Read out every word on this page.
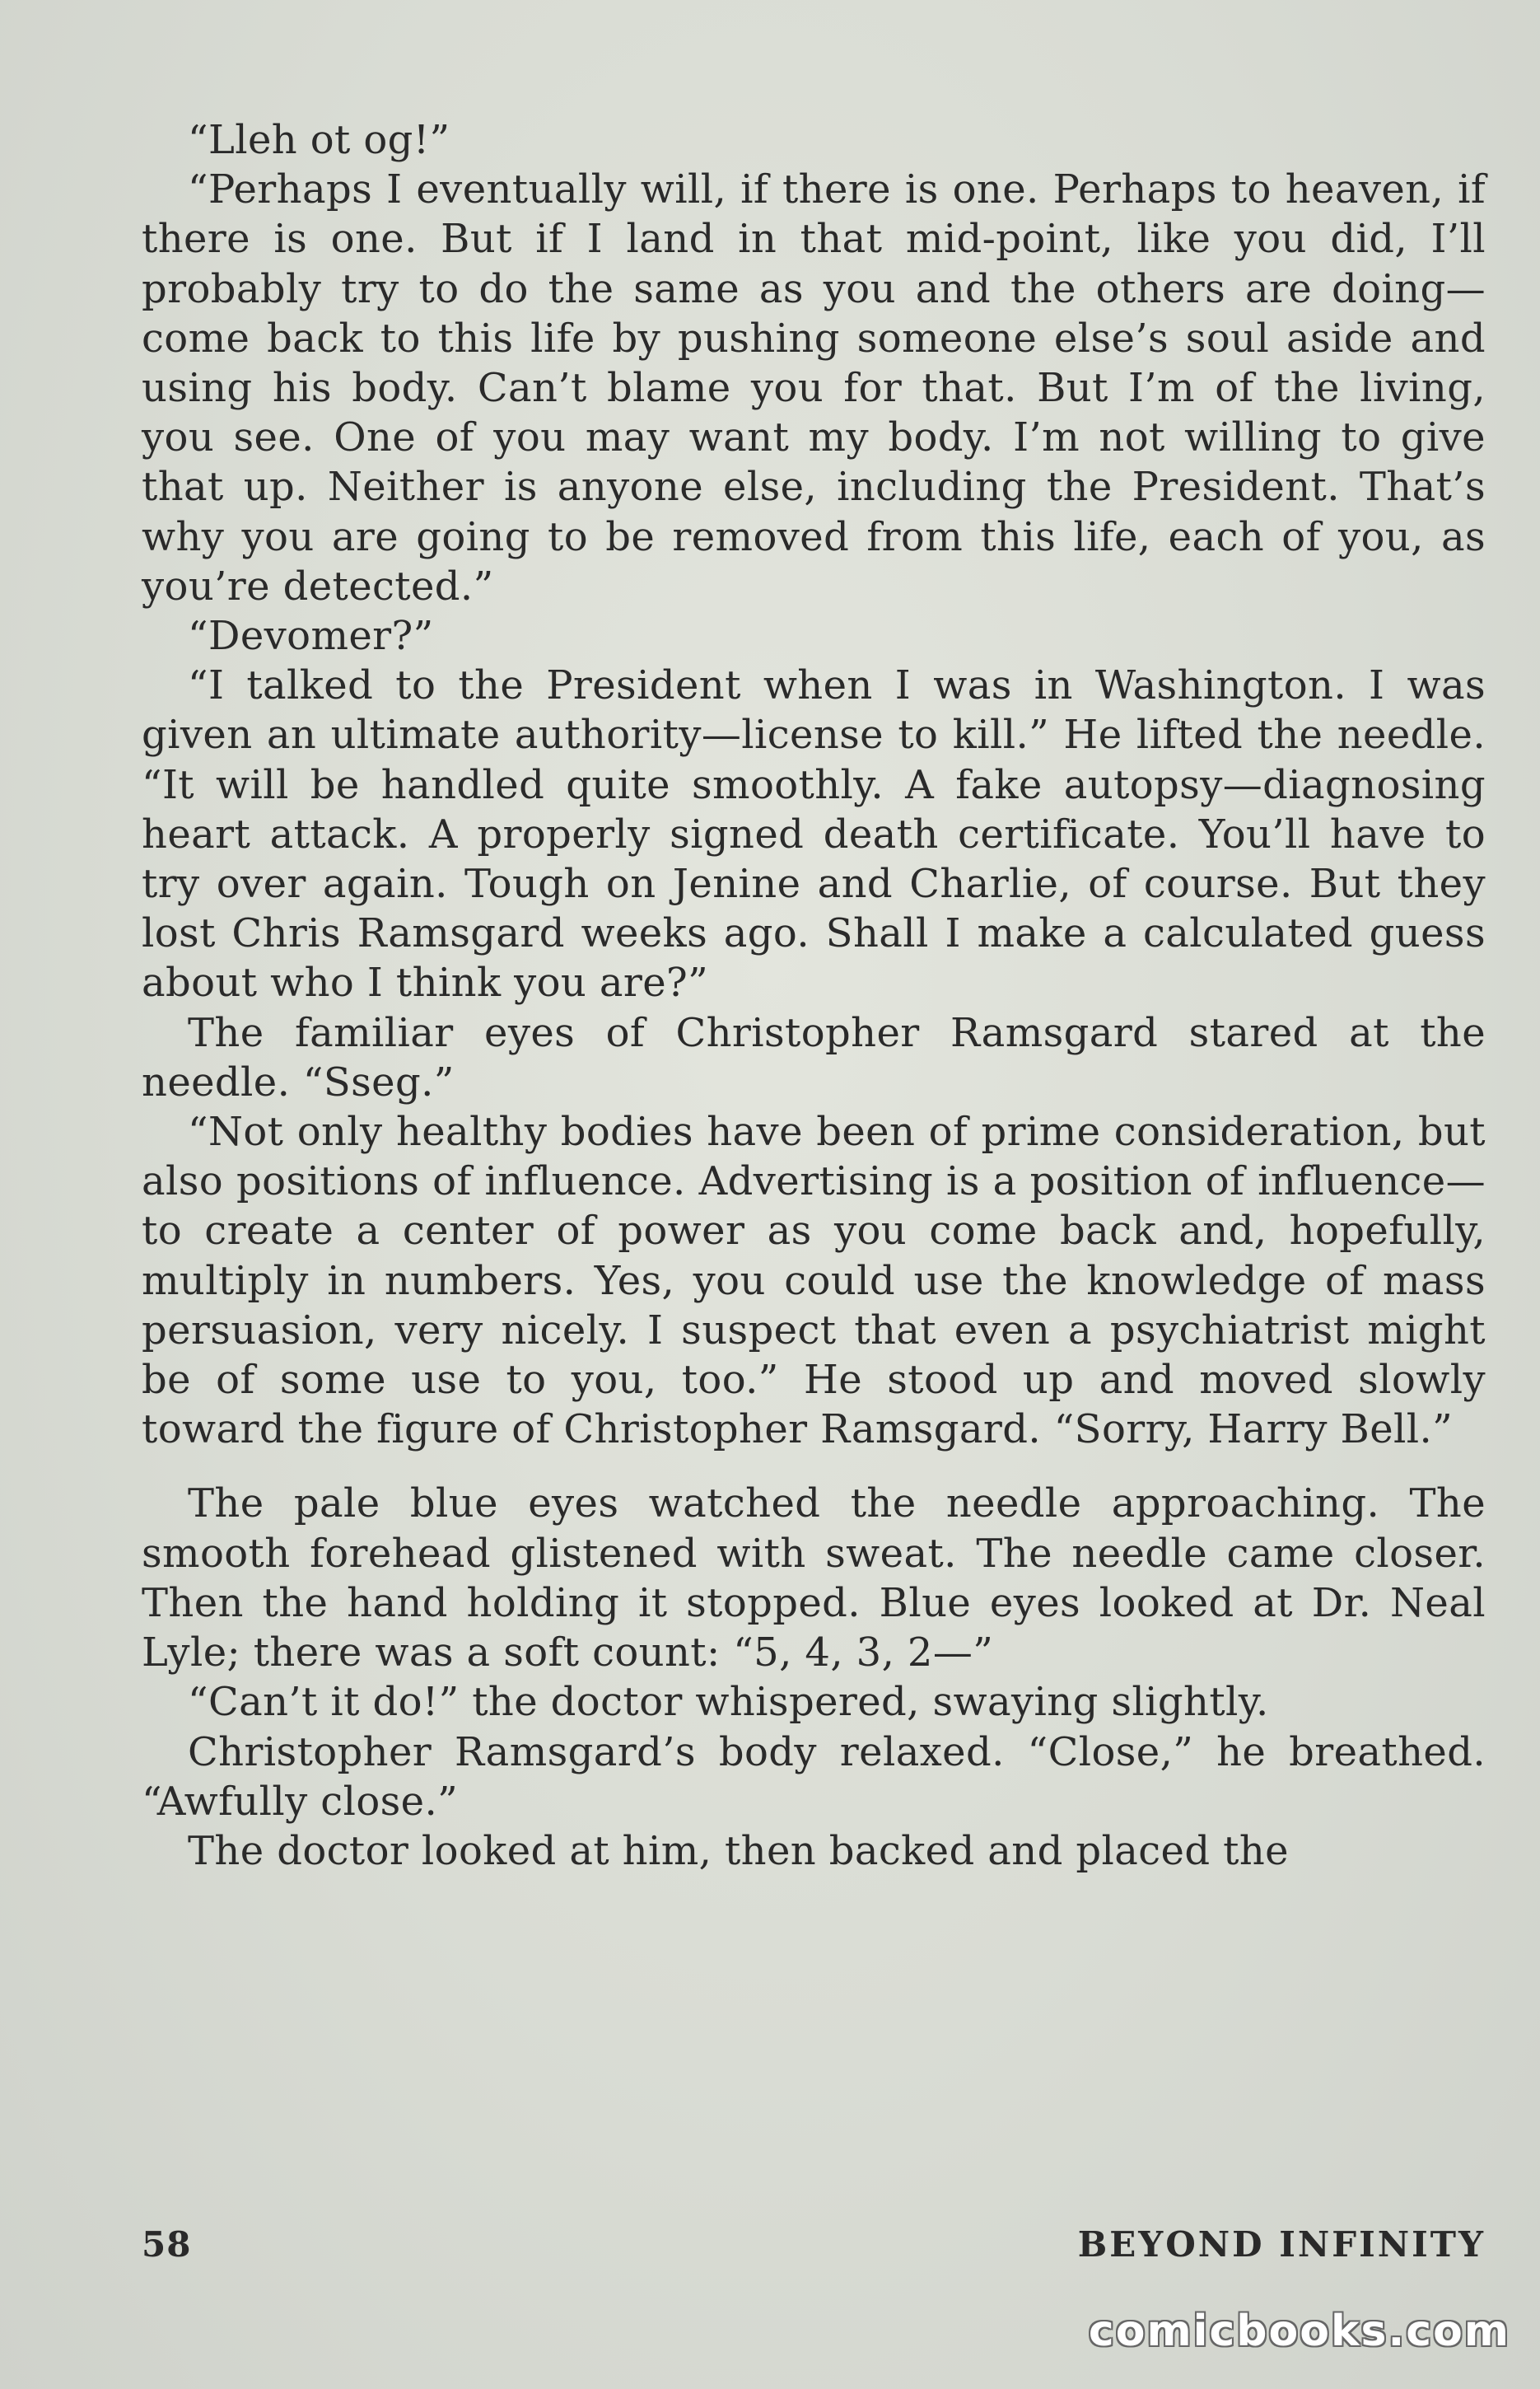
“Lleh ot og!”

“Perhaps I eventually will, if there is one. Perhaps to heaven, if there is one. But if I land in that mid-point, like you did, I’ll probably try to do the same as you and the others are doing—come back to this life by pushing someone else’s soul aside and using his body. Can’t blame you for that. But I’m of the living, you see. One of you may want my body. I’m not willing to give that up. Neither is anyone else, including the President. That’s why you are going to be removed from this life, each of you, as you’re detected.”

“Devomer?”

“I talked to the President when I was in Washington. I was given an ultimate authority—license to kill.” He lifted the needle. “It will be handled quite smoothly. A fake autopsy—diagnosing heart attack. A properly signed death certificate. You’ll have to try over again. Tough on Jenine and Charlie, of course. But they lost Chris Ramsgard weeks ago. Shall I make a calculated guess about who I think you are?”

The familiar eyes of Christopher Ramsgard stared at the needle. “Sseg.”

“Not only healthy bodies have been of prime consideration, but also positions of influence. Advertising is a position of influence—to create a center of power as you come back and, hopefully, multiply in numbers. Yes, you could use the knowledge of mass persuasion, very nicely. I suspect that even a psychiatrist might be of some use to you, too.” He stood up and moved slowly toward the figure of Christopher Ramsgard. “Sorry, Harry Bell.”

The pale blue eyes watched the needle approaching. The smooth forehead glistened with sweat. The needle came closer. Then the hand holding it stopped. Blue eyes looked at Dr. Neal Lyle; there was a soft count: “5, 4, 3, 2—”

“Can’t it do!” the doctor whispered, swaying slightly.

Christopher Ramsgard’s body relaxed. “Close,” he breathed. “Awfully close.”

The doctor looked at him, then backed and placed the

58	BEYOND INFINITY
comicbooks.com
